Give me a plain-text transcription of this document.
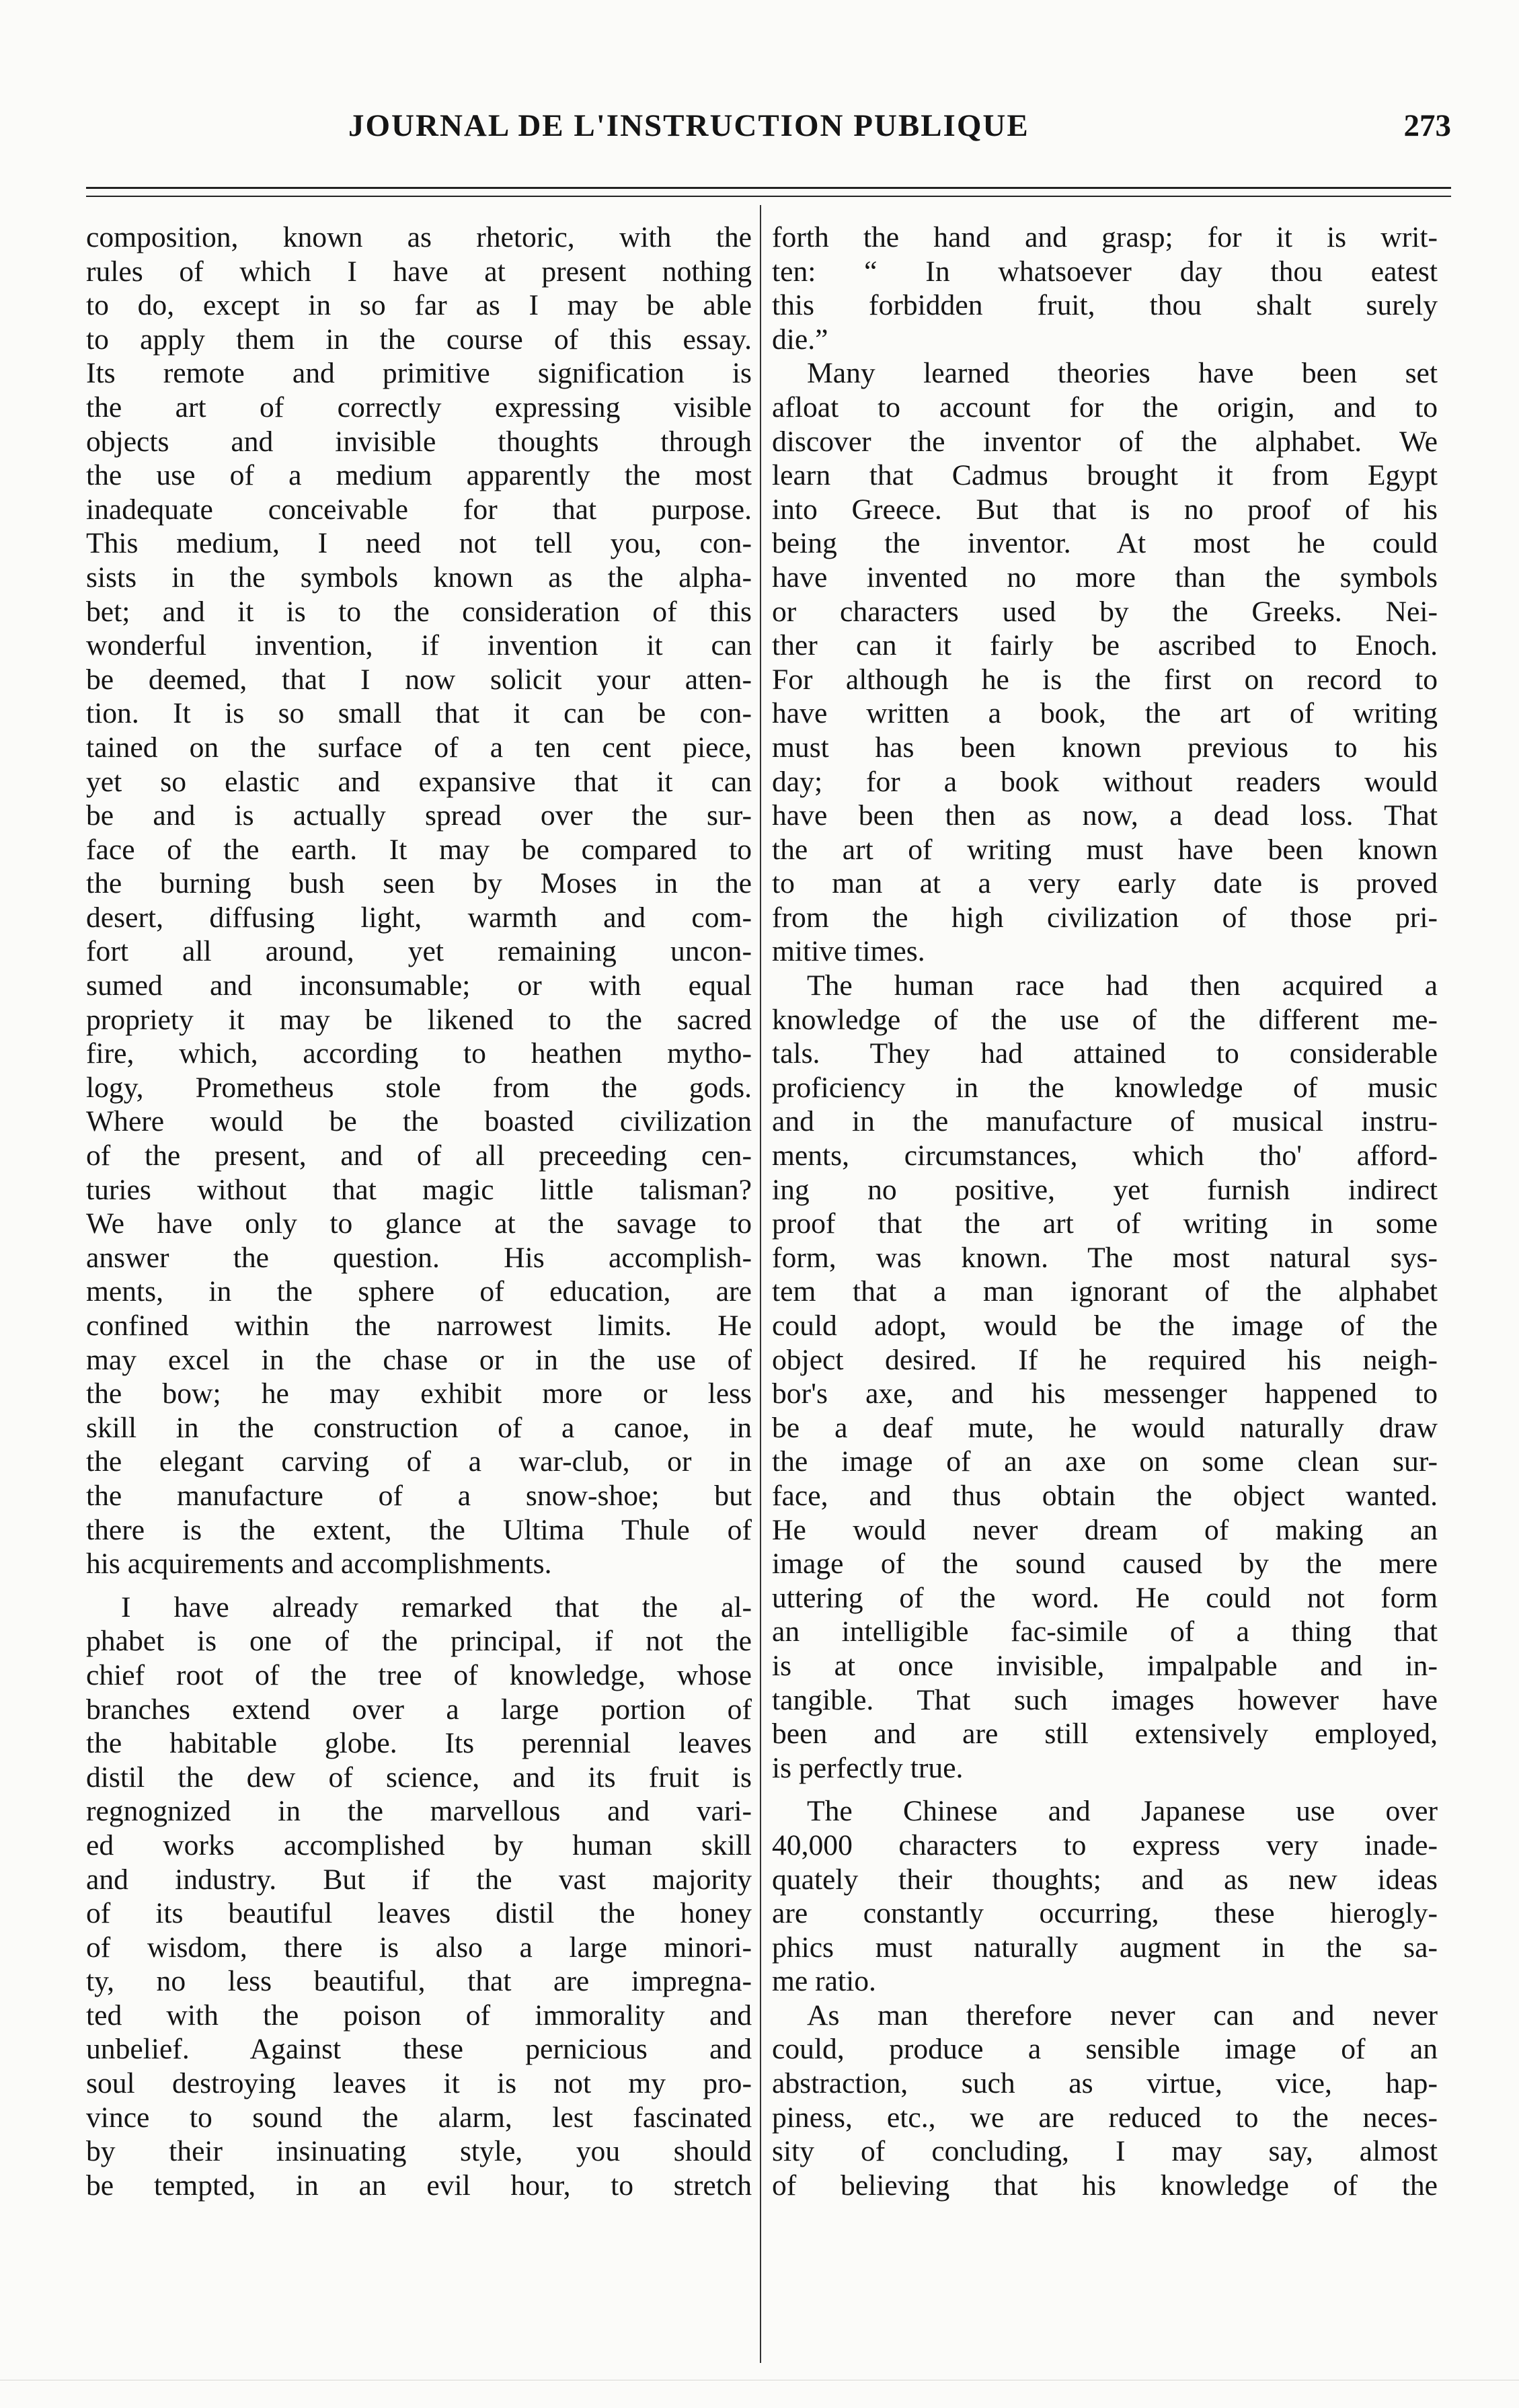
JOURNAL DE L'INSTRUCTION PUBLIQUE	273
composition, known as rhetoric, with the
rules of which I have at present nothing
to do, except in so far as I may be able
to apply them in the course of this essay.
Its remote and primitive signification is
the art of correctly expressing visible
objects and invisible thoughts through
the use of a medium apparently the most
inadequate conceivable for that purpose.
This medium, I need not tell you, con-
sists in the symbols known as the alpha-
bet; and it is to the consideration of this
wonderful invention, if invention it can
be deemed, that I now solicit your atten-
tion. It is so small that it can be con-
tained on the surface of a ten cent piece,
yet so elastic and expansive that it can
be and is actually spread over the sur-
face of the earth. It may be compared to
the burning bush seen by Moses in the
desert, diffusing light, warmth and com-
fort all around, yet remaining uncon-
sumed and inconsumable; or with equal
propriety it may be likened to the sacred
fire, which, according to heathen mytho-
logy, Prometheus stole from the gods.
Where would be the boasted civilization
of the present, and of all preceeding cen-
turies without that magic little talisman?
We have only to glance at the savage to
answer the question. His accomplish-
ments, in the sphere of education, are
confined within the narrowest limits. He
may excel in the chase or in the use of
the bow; he may exhibit more or less
skill in the construction of a canoe, in
the elegant carving of a war-club, or in
the manufacture of a snow-shoe; but
there is the extent, the Ultima Thule of
his acquirements and accomplishments.
I have already remarked that the al-
phabet is one of the principal, if not the
chief root of the tree of knowledge, whose
branches extend over a large portion of
the habitable globe. Its perennial leaves
distil the dew of science, and its fruit is
regnognized in the marvellous and vari-
ed works accomplished by human skill
and industry. But if the vast majority
of its beautiful leaves distil the honey
of wisdom, there is also a large minori-
ty, no less beautiful, that are impregna-
ted with the poison of immorality and
unbelief. Against these pernicious and
soul destroying leaves it is not my pro-
vince to sound the alarm, lest fascinated
by their insinuating style, you should
be tempted, in an evil hour, to stretch
forth the hand and grasp; for it is writ-
ten: “ In whatsoever day thou eatest
this forbidden fruit, thou shalt surely
die.”
Many learned theories have been set
afloat to account for the origin, and to
discover the inventor of the alphabet. We
learn that Cadmus brought it from Egypt
into Greece. But that is no proof of his
being the inventor. At most he could
have invented no more than the symbols
or characters used by the Greeks. Nei-
ther can it fairly be ascribed to Enoch.
For although he is the first on record to
have written a book, the art of writing
must has been known previous to his
day; for a book without readers would
have been then as now, a dead loss. That
the art of writing must have been known
to man at a very early date is proved
from the high civilization of those pri-
mitive times.
The human race had then acquired a
knowledge of the use of the different me-
tals. They had attained to considerable
proficiency in the knowledge of music
and in the manufacture of musical instru-
ments, circumstances, which tho' afford-
ing no positive, yet furnish indirect
proof that the art of writing in some
form, was known. The most natural sys-
tem that a man ignorant of the alphabet
could adopt, would be the image of the
object desired. If he required his neigh-
bor's axe, and his messenger happened to
be a deaf mute, he would naturally draw
the image of an axe on some clean sur-
face, and thus obtain the object wanted.
He would never dream of making an
image of the sound caused by the mere
uttering of the word. He could not form
an intelligible fac-simile of a thing that
is at once invisible, impalpable and in-
tangible. That such images however have
been and are still extensively employed,
is perfectly true.
The Chinese and Japanese use over
40,000 characters to express very inade-
quately their thoughts; and as new ideas
are constantly occurring, these hierogly-
phics must naturally augment in the sa-
me ratio.
As man therefore never can and never
could, produce a sensible image of an
abstraction, such as virtue, vice, hap-
piness, etc., we are reduced to the neces-
sity of concluding, I may say, almost
of believing that his knowledge of the
